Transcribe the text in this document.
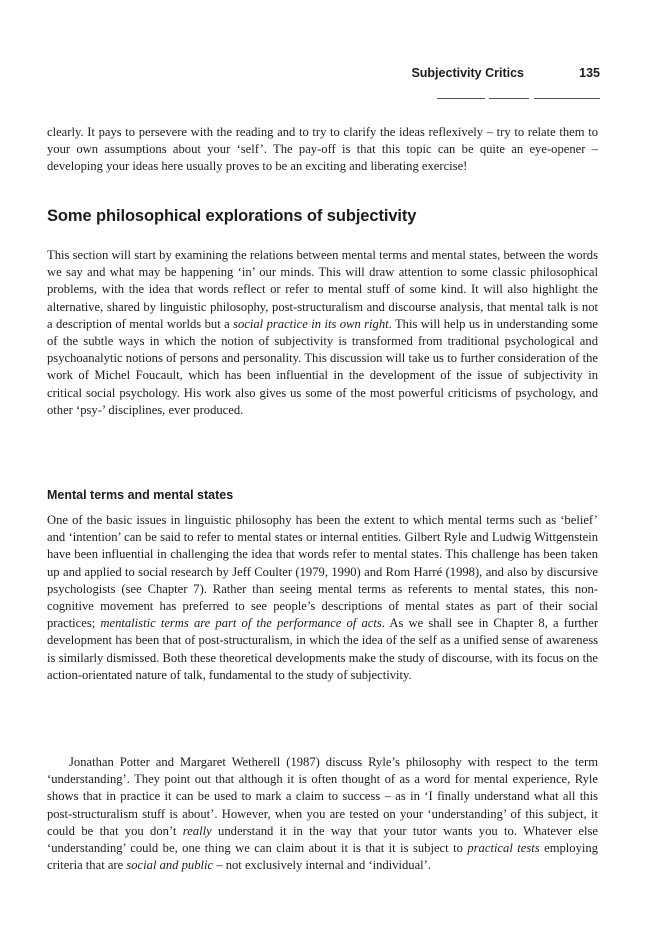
Subjectivity Critics	135

clearly. It pays to persevere with the reading and to try to clarify the ideas reflexively – try to relate them to your own assumptions about your ‘self’. The pay-off is that this topic can be quite an eye-opener – developing your ideas here usually proves to be an exciting and liberating exercise!

Some philosophical explorations of subjectivity

This section will start by examining the relations between mental terms and mental states, between the words we say and what may be happening ‘in’ our minds. This will draw attention to some classic philosophical problems, with the idea that words reflect or refer to mental stuff of some kind. It will also highlight the alternative, shared by linguistic philosophy, post-structuralism and discourse analysis, that mental talk is not a description of mental worlds but a social practice in its own right. This will help us in understanding some of the subtle ways in which the notion of subjectivity is transformed from traditional psychological and psychoanalytic notions of persons and personality. This discussion will take us to further consideration of the work of Michel Foucault, which has been influential in the development of the issue of subjectivity in critical social psychology. His work also gives us some of the most powerful criticisms of psychology, and other ‘psy-’ disciplines, ever produced.

Mental terms and mental states

One of the basic issues in linguistic philosophy has been the extent to which mental terms such as ‘belief’ and ‘intention’ can be said to refer to mental states or internal entities. Gilbert Ryle and Ludwig Wittgenstein have been influential in challenging the idea that words refer to mental states. This challenge has been taken up and applied to social research by Jeff Coulter (1979, 1990) and Rom Harré (1998), and also by discursive psychologists (see Chapter 7). Rather than seeing mental terms as referents to mental states, this non-cognitive movement has preferred to see people’s descriptions of mental states as part of their social practices; mentalistic terms are part of the performance of acts. As we shall see in Chapter 8, a further development has been that of post-structuralism, in which the idea of the self as a unified sense of awareness is similarly dismissed. Both these theoretical developments make the study of discourse, with its focus on the action-orientated nature of talk, fundamental to the study of subjectivity.

Jonathan Potter and Margaret Wetherell (1987) discuss Ryle’s philosophy with respect to the term ‘understanding’. They point out that although it is often thought of as a word for mental experience, Ryle shows that in practice it can be used to mark a claim to success – as in ‘I finally understand what all this post-structuralism stuff is about’. However, when you are tested on your ‘understanding’ of this subject, it could be that you don’t really understand it in the way that your tutor wants you to. Whatever else ‘understanding’ could be, one thing we can claim about it is that it is subject to practical tests employing criteria that are social and public – not exclusively internal and ‘individual’.
